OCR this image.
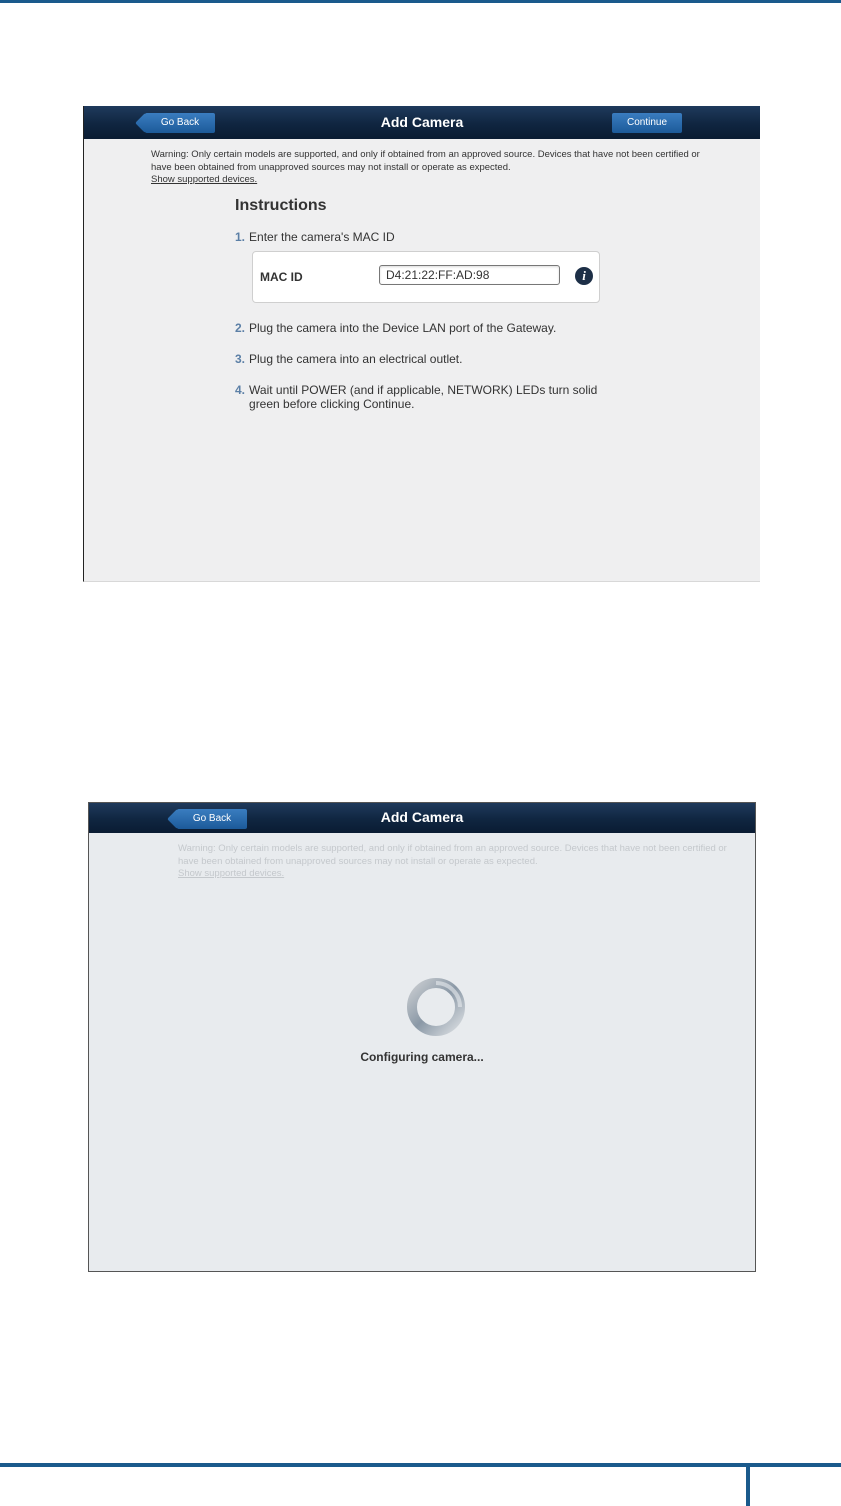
Go Back	Add Camera	Continue
Warning: Only certain models are supported, and only if obtained from an approved source. Devices that have not been certified or have been obtained from unapproved sources may not install or operate as expected.
Show supported devices.
Instructions
1. Enter the camera's MAC ID
MAC ID
D4:21:22:FF:AD:98	i
2. Plug the camera into the Device LAN port of the Gateway.
3. Plug the camera into an electrical outlet.
4. Wait until POWER (and if applicable, NETWORK) LEDs turn solid green before clicking Continue.
Go Back	Add Camera
Warning: Only certain models are supported, and only if obtained from an approved source. Devices that have not been certified or have been obtained from unapproved sources may not install or operate as expected.
Show supported devices.
Configuring camera...
